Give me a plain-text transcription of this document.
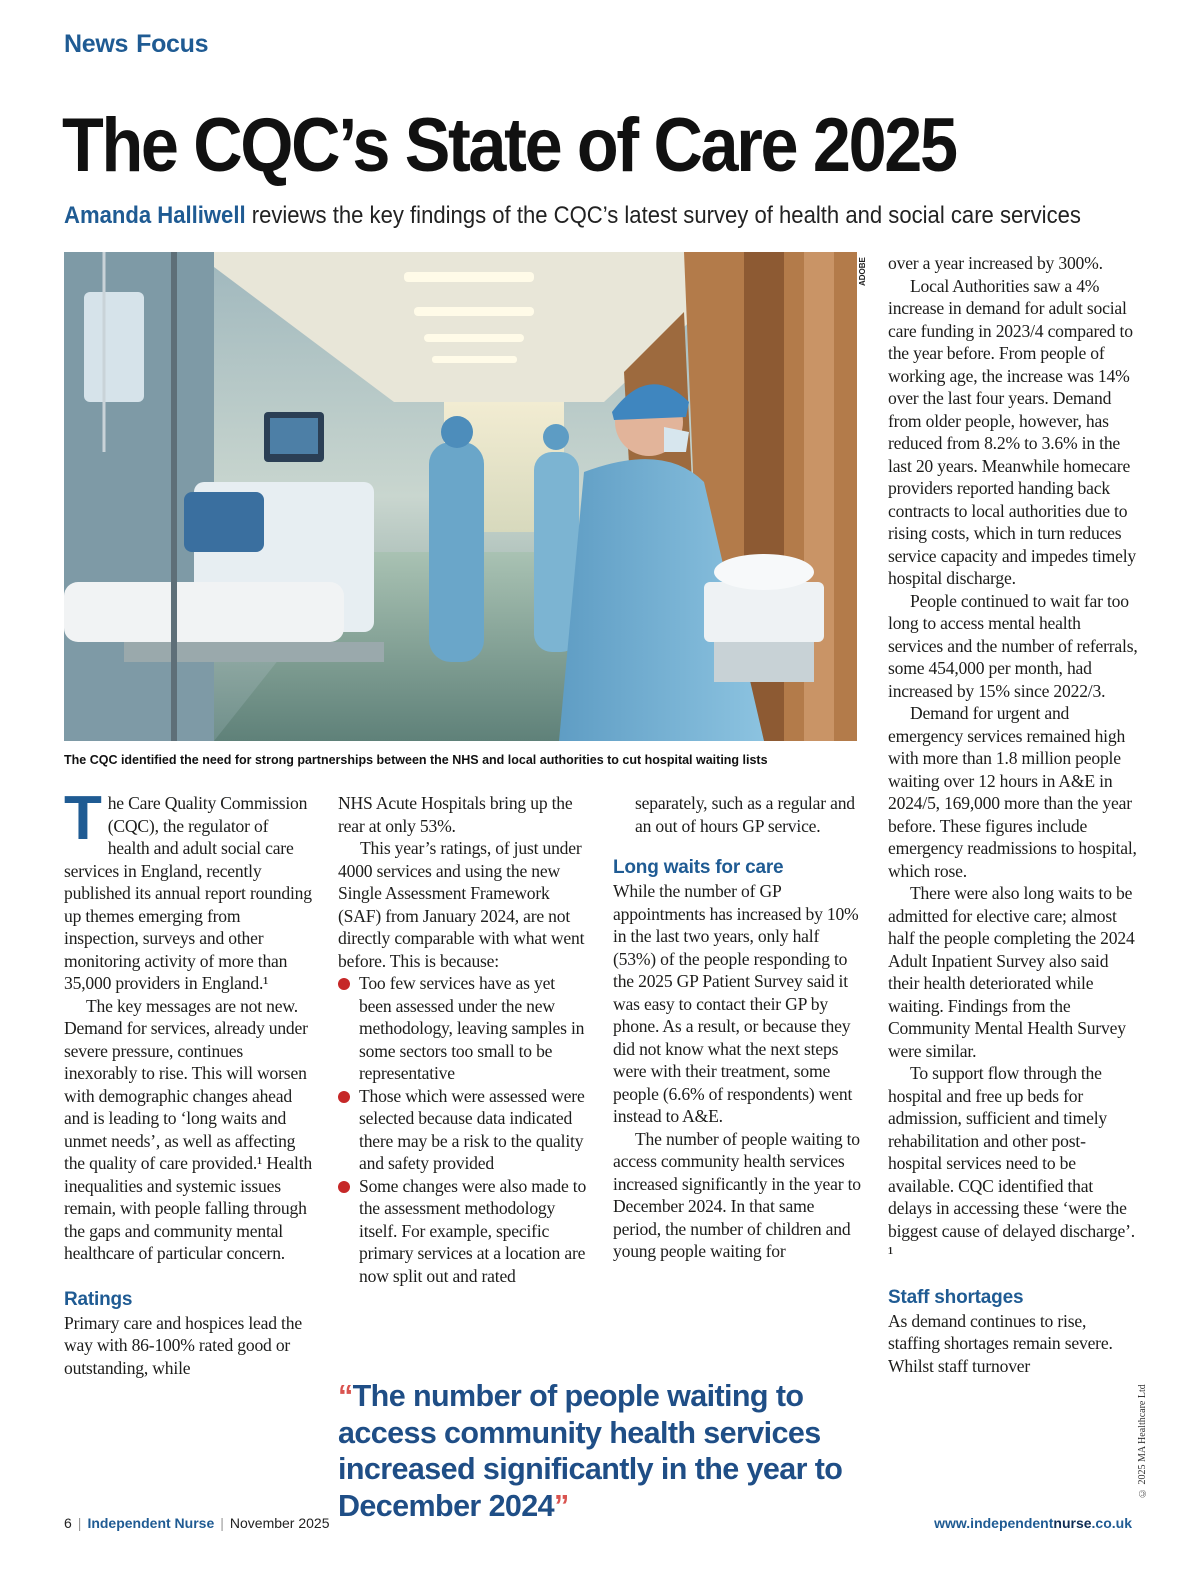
News Focus
The CQC’s State of Care 2025
Amanda Halliwell reviews the key findings of the CQC’s latest survey of health and social care services
ADOBE
The CQC identified the need for strong partnerships between the NHS and local authorities to cut hospital waiting lists

The Care Quality Commission (CQC), the regulator of health and adult social care services in England, recently published its annual report rounding up themes emerging from inspection, surveys and other monitoring activity of more than 35,000 providers in England.¹

The key messages are not new. Demand for services, already under severe pressure, continues inexorably to rise. This will worsen with demographic changes ahead and is leading to ‘long waits and unmet needs’, as well as affecting the quality of care provided.¹ Health inequalities and systemic issues remain, with people falling through the gaps and community mental healthcare of particular concern.

Ratings

Primary care and hospices lead the way with 86-100% rated good or outstanding, while

NHS Acute Hospitals bring up the rear at only 53%.

This year’s ratings, of just under 4000 services and using the new Single Assessment Framework (SAF) from January 2024, are not directly comparable with what went before. This is because:

Too few services have as yet been assessed under the new methodology, leaving samples in some sectors too small to be representative
Those which were assessed were selected because data indicated there may be a risk to the quality and safety provided
Some changes were also made to the assessment methodology itself. For example, specific primary services at a location are now split out and rated

separately, such as a regular and an out of hours GP service.

Long waits for care

While the number of GP appointments has increased by 10% in the last two years, only half (53%) of the people responding to the 2025 GP Patient Survey said it was easy to contact their GP by phone. As a result, or because they did not know what the next steps were with their treatment, some people (6.6% of respondents) went instead to A&E.

The number of people waiting to access community health services increased significantly in the year to December 2024. In that same period, the number of children and young people waiting for

“The number of people waiting to access community health services increased significantly in the year to December 2024”

over a year increased by 300%.

Local Authorities saw a 4% increase in demand for adult social care funding in 2023/4 compared to the year before. From people of working age, the increase was 14% over the last four years. Demand from older people, however, has reduced from 8.2% to 3.6% in the last 20 years. Meanwhile homecare providers reported handing back contracts to local authorities due to rising costs, which in turn reduces service capacity and impedes timely hospital discharge.

People continued to wait far too long to access mental health services and the number of referrals, some 454,000 per month, had increased by 15% since 2022/3.

Demand for urgent and emergency services remained high with more than 1.8 million people waiting over 12 hours in A&E in 2024/5, 169,000 more than the year before. These figures include emergency readmissions to hospital, which rose.

There were also long waits to be admitted for elective care; almost half the people completing the 2024 Adult Inpatient Survey also said their health deteriorated while waiting. Findings from the Community Mental Health Survey were similar.

To support flow through the hospital and free up beds for admission, sufficient and timely rehabilitation and other post-hospital services need to be available. CQC identified that delays in accessing these ‘were the biggest cause of delayed discharge’. ¹

Staff shortages

As demand continues to rise, staffing shortages remain severe. Whilst staff turnover

© 2025 MA Healthcare Ltd
6 | Independent Nurse | November 2025	www.independentnurse.co.uk
